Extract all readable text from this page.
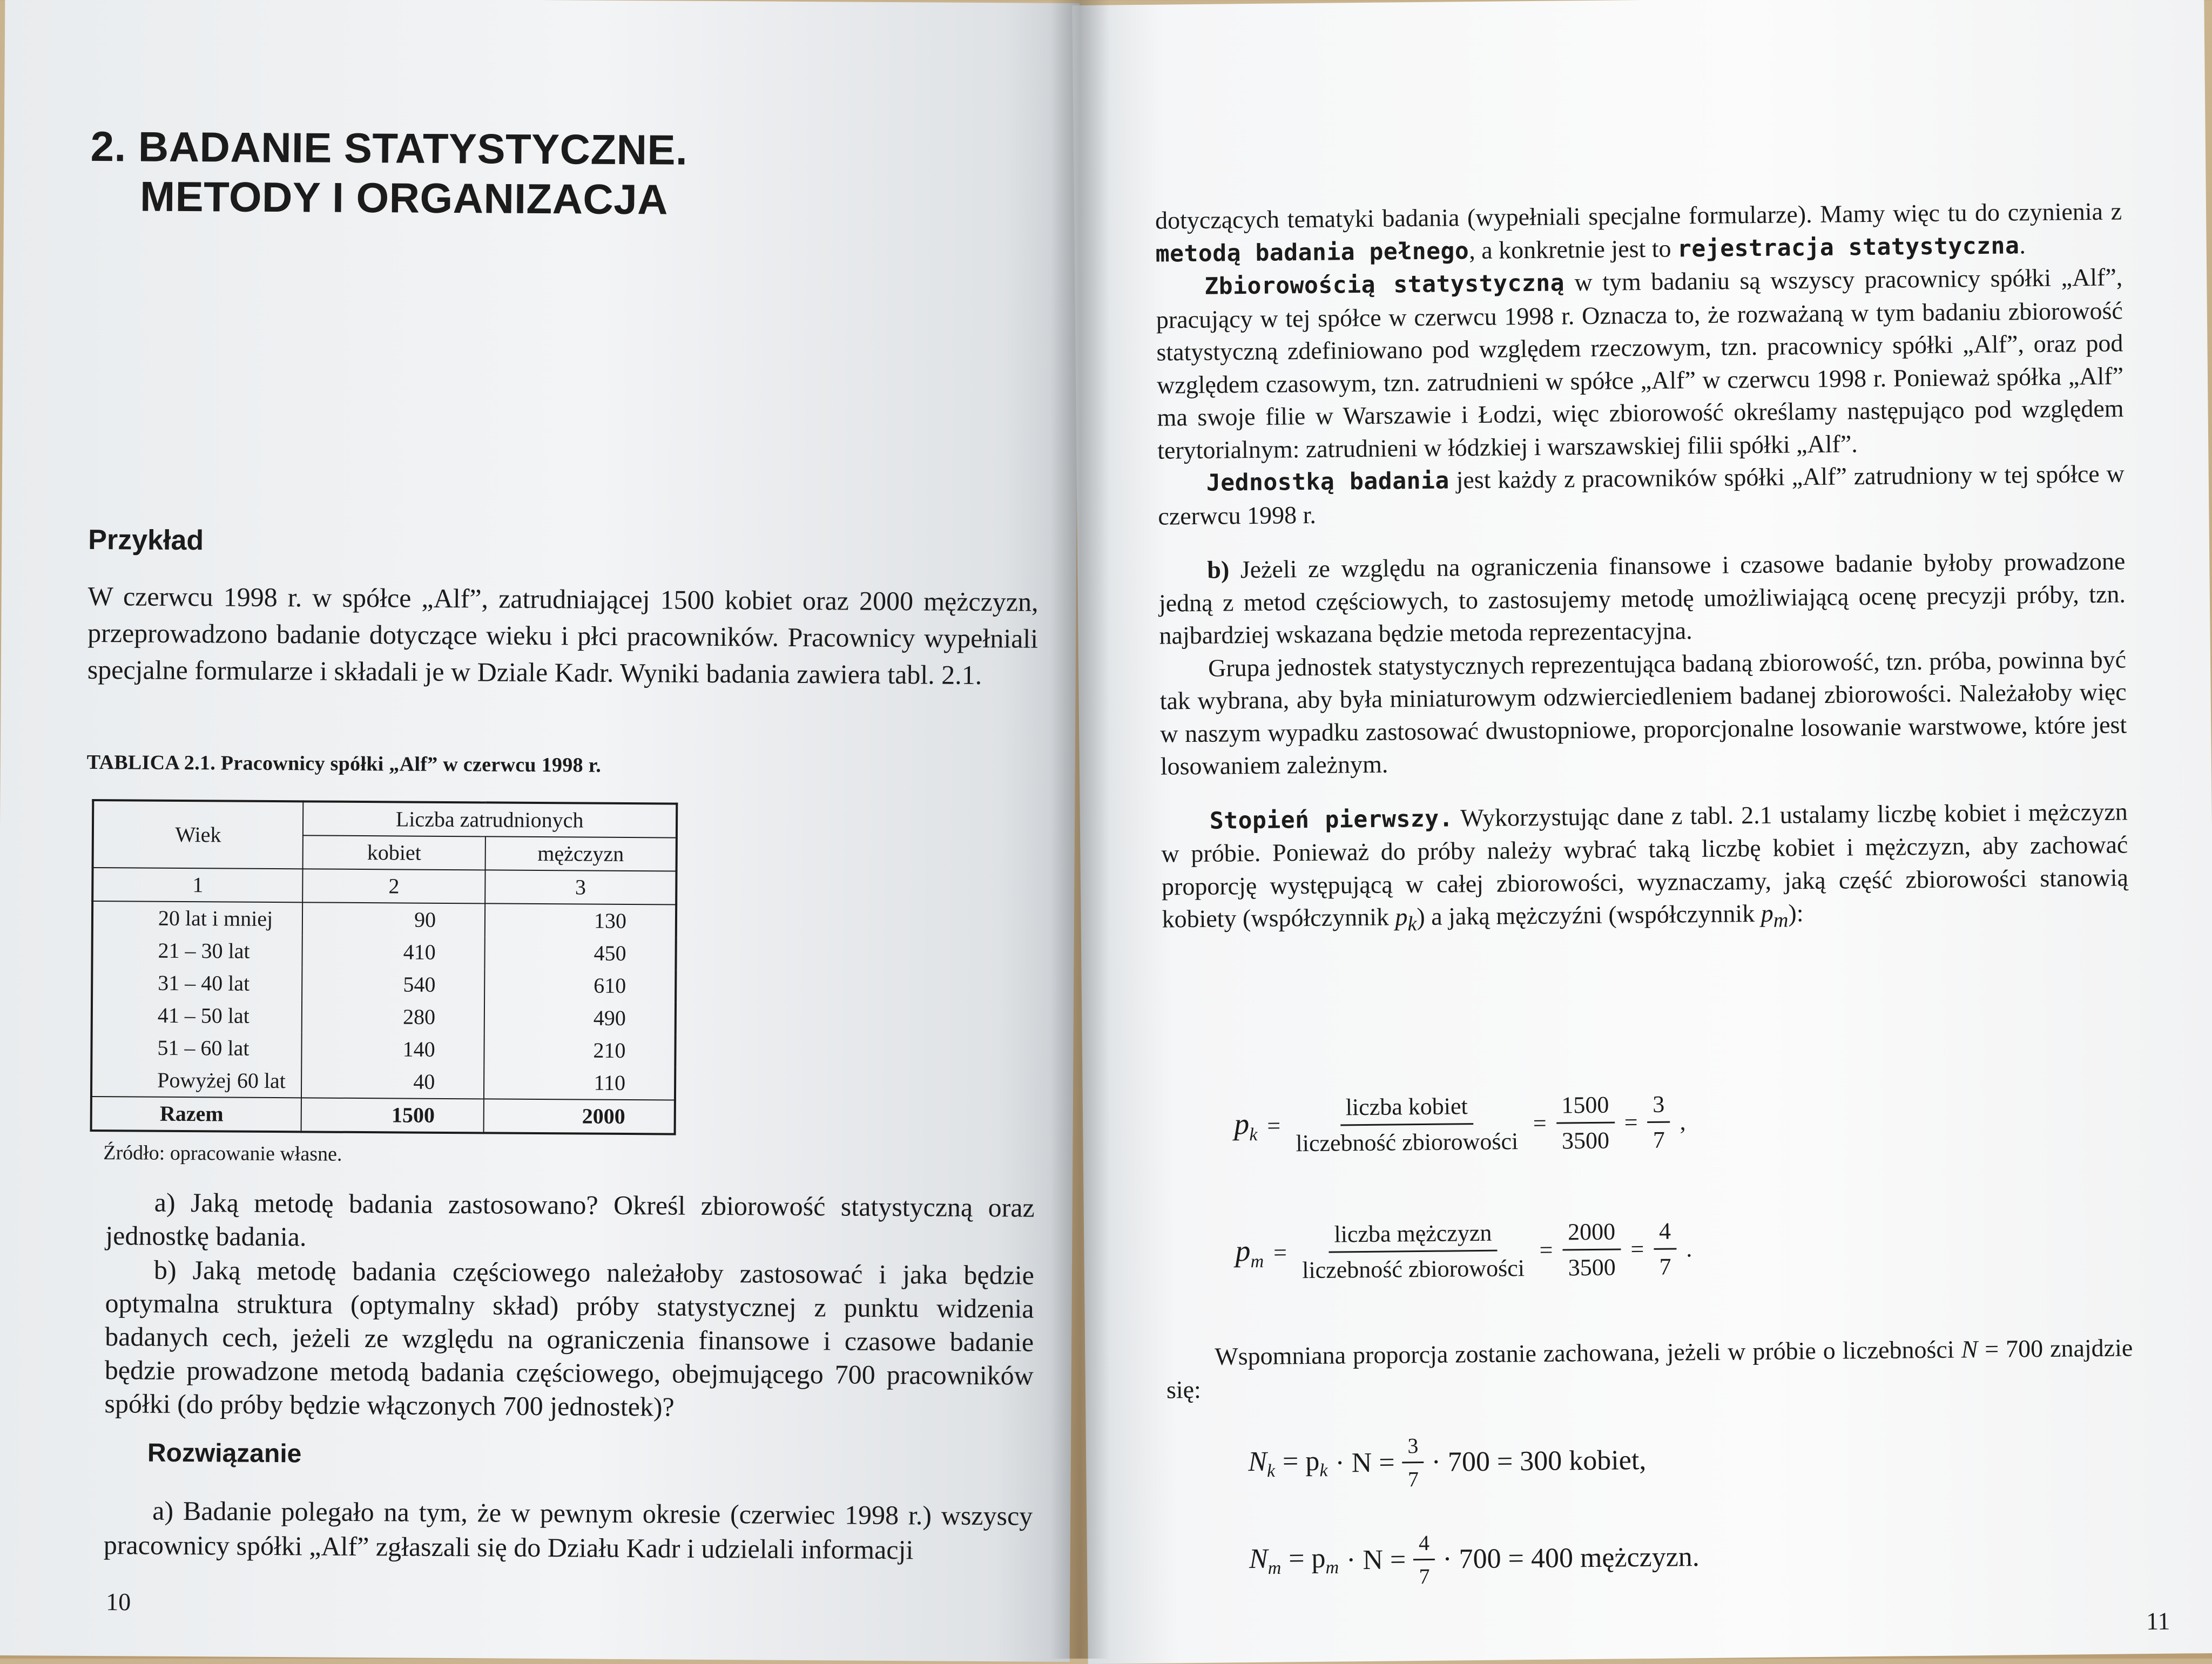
2. BADANIE STATYSTYCZNE.
METODY I ORGANIZACJA
Przykład
W czerwcu 1998 r. w spółce „Alf”, zatrudniającej 1500 kobiet oraz 2000 mężczyzn, przeprowadzono badanie dotyczące wieku i płci pracowników. Pracownicy wypełniali specjalne formularze i składali je w Dziale Kadr. Wyniki badania zawiera tabl. 2.1.
TABLICA 2.1. Pracownicy spółki „Alf” w czerwcu 1998 r.
Wiek	Liczba zatrudnionych	
	kobiet	mężczyzn
1	2	3
20 lat i mniej	90	130
21 – 30 lat	410	450
31 – 40 lat	540	610
41 – 50 lat	280	490
51 – 60 lat	140	210
Powyżej 60 lat	40	110
Razem	1500	2000
Źródło: opracowanie własne.
a) Jaką metodę badania zastosowano? Określ zbiorowość statystyczną oraz jednostkę badania.
b) Jaką metodę badania częściowego należałoby zastosować i jaka będzie optymalna struktura (optymalny skład) próby statystycznej z punktu widzenia badanych cech, jeżeli ze względu na ograniczenia finansowe i czasowe badanie będzie prowadzone metodą badania częściowego, obejmującego 700 pracowników spółki (do próby będzie włączonych 700 jednostek)?
Rozwiązanie
a) Badanie polegało na tym, że w pewnym okresie (czerwiec 1998 r.) wszyscy pracownicy spółki „Alf” zgłaszali się do Działu Kadr i udzielali informacji
10

dotyczących tematyki badania (wypełniali specjalne formularze). Mamy więc tu do czynienia z metodą badania pełnego, a konkretnie jest to rejestracja statystyczna.

Zbiorowością statystyczną w tym badaniu są wszyscy pracownicy spółki „Alf”, pracujący w tej spółce w czerwcu 1998 r. Oznacza to, że rozważaną w tym badaniu zbiorowość statystyczną zdefiniowano pod względem rzeczowym, tzn. pracownicy spółki „Alf”, oraz pod względem czasowym, tzn. zatrudnieni w spółce „Alf” w czerwcu 1998 r. Ponieważ spółka „Alf” ma swoje filie w Warszawie i Łodzi, więc zbiorowość określamy następująco pod względem terytorialnym: zatrudnieni w łódzkiej i warszawskiej filii spółki „Alf”.

Jednostką badania jest każdy z pracowników spółki „Alf” zatrudniony w tej spółce w czerwcu 1998 r.

b) Jeżeli ze względu na ograniczenia finansowe i czasowe badanie byłoby prowadzone jedną z metod częściowych, to zastosujemy metodę umożliwiającą ocenę precyzji próby, tzn. najbardziej wskazana będzie metoda reprezentacyjna.

Grupa jednostek statystycznych reprezentująca badaną zbiorowość, tzn. próba, powinna być tak wybrana, aby była miniaturowym odzwierciedleniem badanej zbiorowości. Należałoby więc w naszym wypadku zastosować dwustopniowe, proporcjonalne losowanie warstwowe, które jest losowaniem zależnym.

Stopień pierwszy. Wykorzystując dane z tabl. 2.1 ustalamy liczbę kobiet i mężczyzn w próbie. Ponieważ do próby należy wybrać taką liczbę kobiet i mężczyzn, aby zachować proporcję występującą w całej zbiorowości, wyznaczamy, jaką część zbiorowości stanowią kobiety (współczynnik $p_k$) a jaką mężczyźni (współczynnik $p_m$):

$p_k = \frac{\text{liczba kobiet}}{\text{liczebność zbiorowości}} = \frac{1500}{3500} = \frac{3}{7}$ ,
$p_m = \frac{\text{liczba mężczyzn}}{\text{liczebność zbiorowości}} = \frac{2000}{3500} = \frac{4}{7}$ .

Wspomniana proporcja zostanie zachowana, jeżeli w próbie o liczebności N = 700 znajdzie się:

$N_k = p_k \cdot N = \frac{3}{7} \cdot 700 = 300$ kobiet,
$N_m = p_m \cdot N = \frac{4}{7} \cdot 700 = 400$ mężczyzn.
11
